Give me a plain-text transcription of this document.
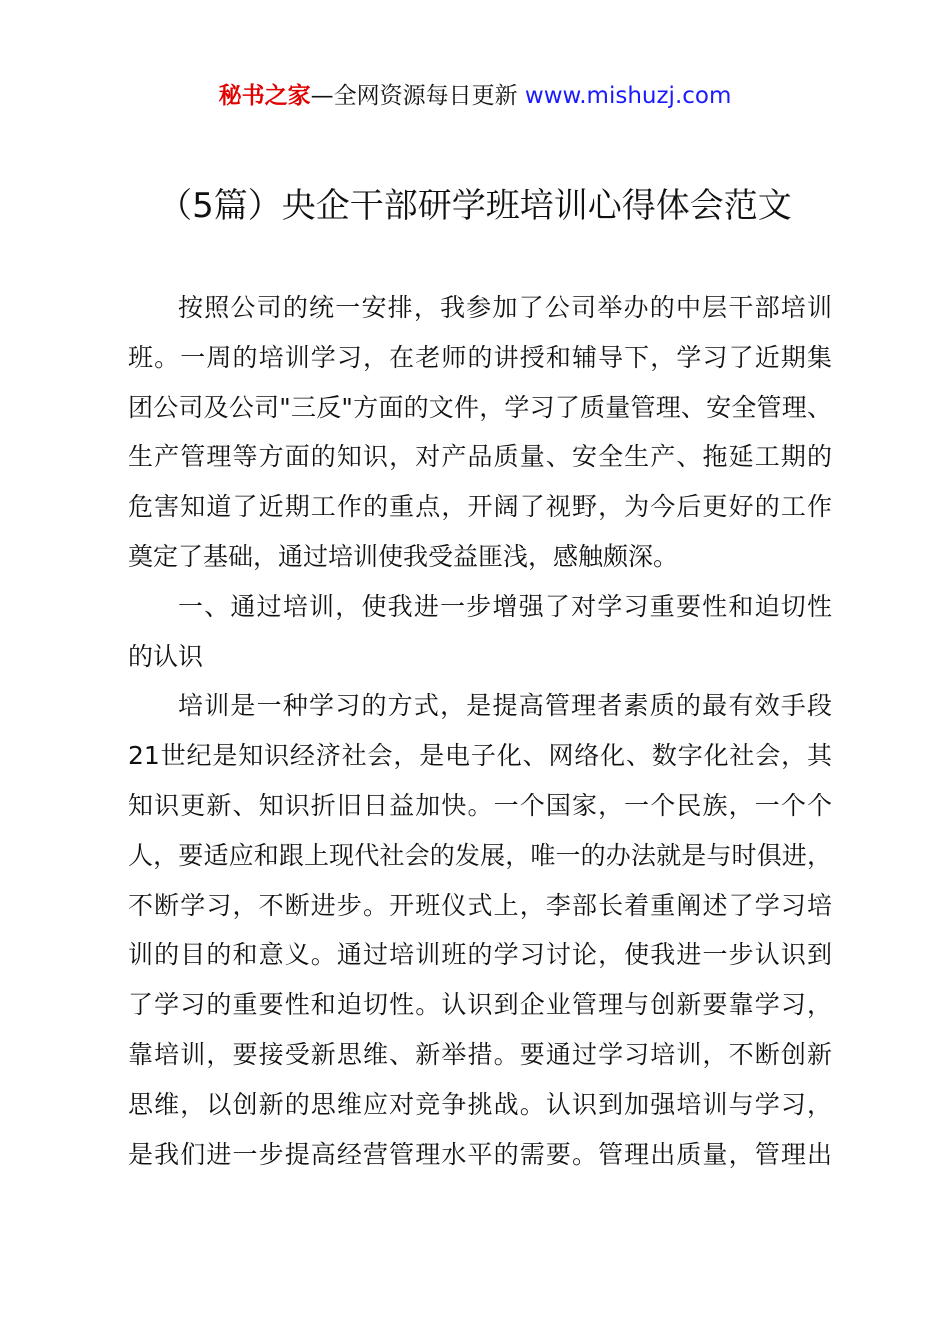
秘书之家—全网资源每日更新 www.mishuzj.com
（5篇）央企干部研学班培训心得体会范文
按照公司的统一安排，我参加了公司举办的中层干部培训
班。一周的培训学习，在老师的讲授和辅导下，学习了近期集
团公司及公司"三反"方面的文件，学习了质量管理、安全管理、
生产管理等方面的知识，对产品质量、安全生产、拖延工期的
危害知道了近期工作的重点，开阔了视野，为今后更好的工作
奠定了基础，通过培训使我受益匪浅，感触颇深。
一、通过培训，使我进一步增强了对学习重要性和迫切性
的认识
培训是一种学习的方式，是提高管理者素质的最有效手段
21世纪是知识经济社会，是电子化、网络化、数字化社会，其
知识更新、知识折旧日益加快。一个国家，一个民族，一个个
人，要适应和跟上现代社会的发展，唯一的办法就是与时俱进，
不断学习，不断进步。开班仪式上，李部长着重阐述了学习培
训的目的和意义。通过培训班的学习讨论，使我进一步认识到
了学习的重要性和迫切性。认识到企业管理与创新要靠学习，
靠培训，要接受新思维、新举措。要通过学习培训，不断创新
思维，以创新的思维应对竞争挑战。认识到加强培训与学习，
是我们进一步提高经营管理水平的需要。管理出质量，管理出
